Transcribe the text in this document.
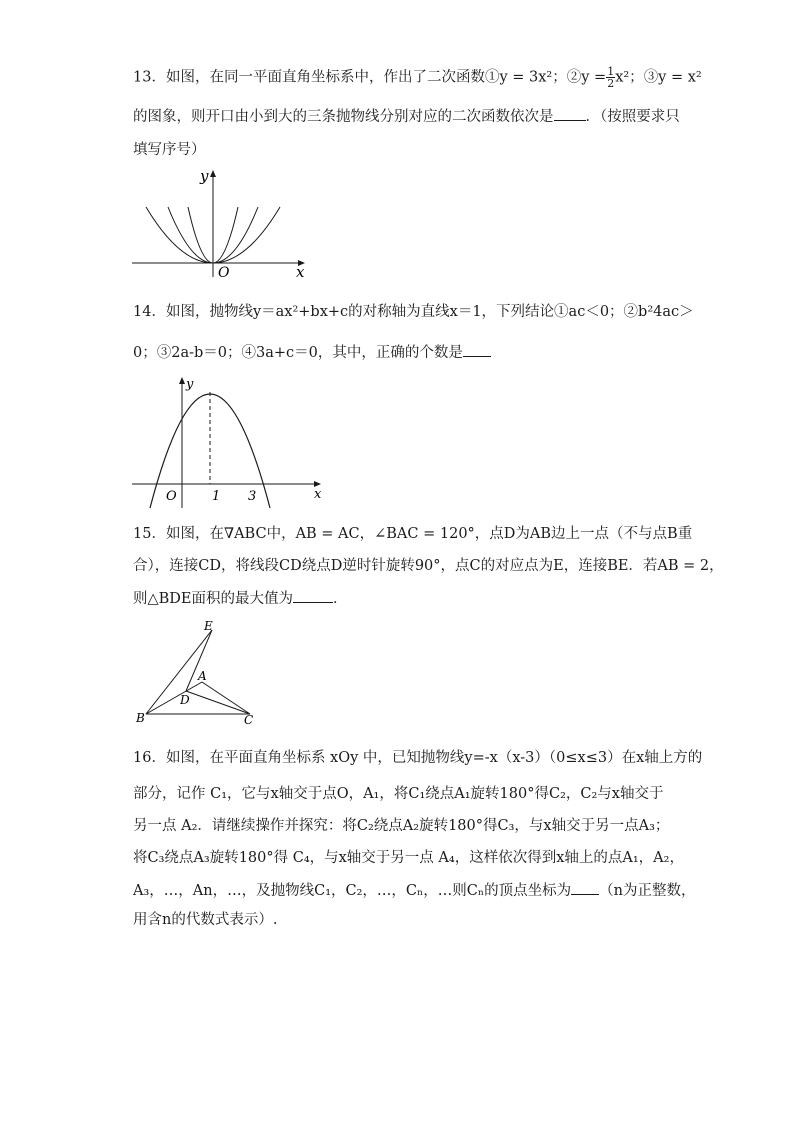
13．如图，在同一平面直角坐标系中，作出了二次函数①y = 3x²；②y = $\frac{1}{2} x^2$；③y = x²
的图象，则开口由小到大的三条抛物线分别对应的二次函数依次是 ．（按照要求只
填写序号）
y
O	x
14．如图，抛物线y＝ax²+bx+c的对称轴为直线x＝1，下列结论①ac＜0；②b²4ac＞
0；③2a-b＝0；④3a+c＝0，其中，正确的个数是
y
O	1 3	x
15．如图，在∇ABC中，AB = AC，∠BAC = 120°，点D为AB边上一点（不与点B重
合），连接CD，将线段CD绕点D逆时针旋转90°，点C的对应点为E，连接BE．若AB = 2，
则△BDE面积的最大值为	．
E
A
D
B	C
16．如图，在平面直角坐标系 xOy 中，已知抛物线y=-x（x-3）（0≤x≤3）在x轴上方的
部分，记作 C₁，它与x轴交于点O，A₁，将C₁绕点A₁旋转180°得C₂，C₂与x轴交于
另一点 A₂．请继续操作并探究：将C₂绕点A₂旋转180°得C₃，与x轴交于另一点A₃；
将C₃绕点A₃旋转180°得 C₄，与x轴交于另一点 A₄，这样依次得到x轴上的点A₁，A₂，
A₃，…，An，…，及抛物线C₁，C₂，…，Cₙ，…则Cₙ的顶点坐标为 （n为正整数，
用含n的代数式表示）.
